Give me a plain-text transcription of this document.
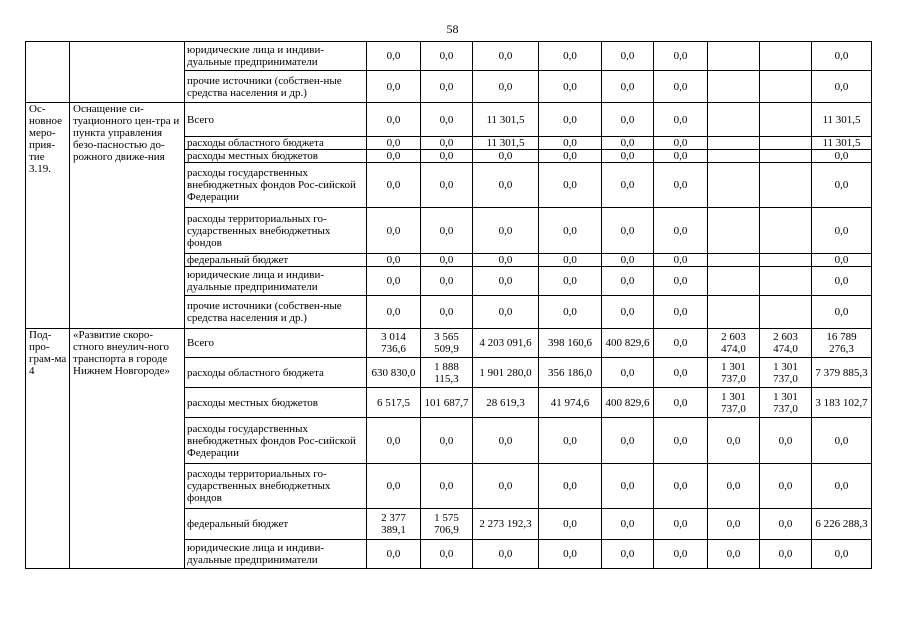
58
		юридические лица и индиви-дуальные предприниматели	0,0	0,0	0,0	0,0	0,0	0,0			0,0
		прочие источники (собствен-ные средства населения и др.)	0,0	0,0	0,0	0,0	0,0	0,0			0,0
Ос-новное меро-прия-тие 3.19.	Оснащение си-туационного цен-тра и пункта управления безо-пасностью до-рожного движе-ния	Всего	0,0	0,0	11 301,5	0,0	0,0	0,0			11 301,5
		расходы областного бюджета	0,0	0,0	11 301,5	0,0	0,0	0,0			11 301,5
		расходы местных бюджетов	0,0	0,0	0,0	0,0	0,0	0,0			0,0
		расходы государственных внебюджетных фондов Рос-сийской Федерации	0,0	0,0	0,0	0,0	0,0	0,0			0,0
		расходы территориальных го-сударственных внебюджетных фондов	0,0	0,0	0,0	0,0	0,0	0,0			0,0
		федеральный бюджет	0,0	0,0	0,0	0,0	0,0	0,0			0,0
		юридические лица и индиви-дуальные предприниматели	0,0	0,0	0,0	0,0	0,0	0,0			0,0
		прочие источники (собствен-ные средства населения и др.)	0,0	0,0	0,0	0,0	0,0	0,0			0,0
Под-про-грам-ма 4	«Развитие скоро-стного внеулич-ного транспорта в городе Нижнем Новгороде»	Всего	3 014 736,6	3 565 509,9	4 203 091,6	398 160,6	400 829,6	0,0	2 603 474,0	2 603 474,0	16 789 276,3
		расходы областного бюджета	630 830,0	1 888 115,3	1 901 280,0	356 186,0	0,0	0,0	1 301 737,0	1 301 737,0	7 379 885,3
		расходы местных бюджетов	6 517,5	101 687,7	28 619,3	41 974,6	400 829,6	0,0	1 301 737,0	1 301 737,0	3 183 102,7
		расходы государственных внебюджетных фондов Рос-сийской Федерации	0,0	0,0	0,0	0,0	0,0	0,0	0,0	0,0	0,0
		расходы территориальных го-сударственных внебюджетных фондов	0,0	0,0	0,0	0,0	0,0	0,0	0,0	0,0	0,0
		федеральный бюджет	2 377 389,1	1 575 706,9	2 273 192,3	0,0	0,0	0,0	0,0	0,0	6 226 288,3
		юридические лица и индиви-дуальные предприниматели	0,0	0,0	0,0	0,0	0,0	0,0	0,0	0,0	0,0
